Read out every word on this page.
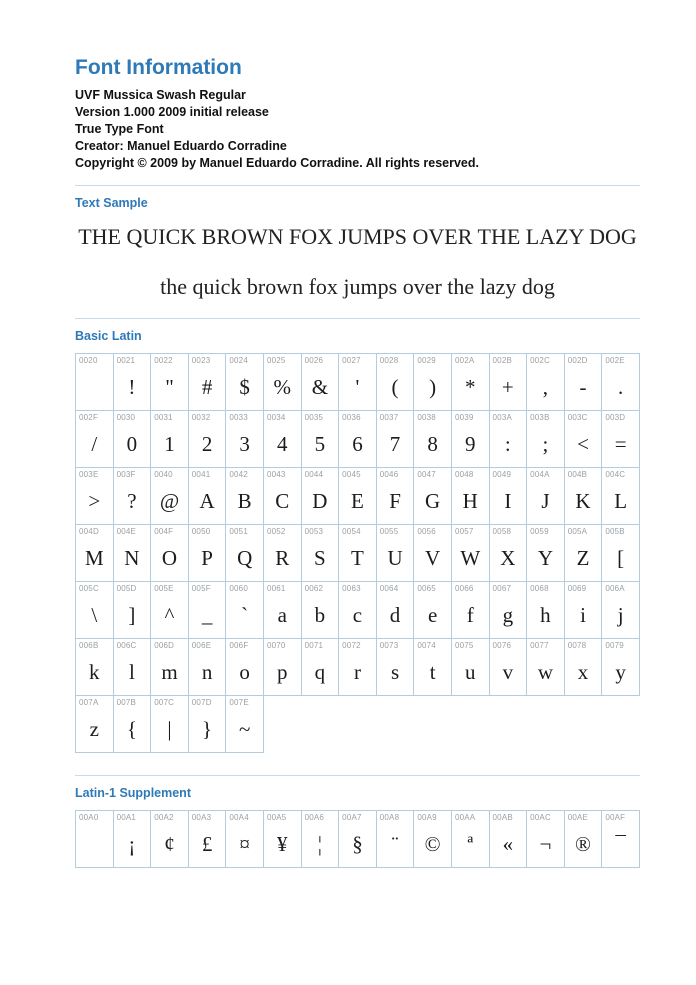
Font Information

UVF Mussica Swash Regular

Version 1.000 2009 initial release

True Type Font

Creator: Manuel Eduardo Corradine

Copyright © 2009 by Manuel Eduardo Corradine. All rights reserved.

Text Sample
THE QUICK BROWN FOX JUMPS OVER THE LAZY DOG
the quick brown fox jumps over the lazy dog
Basic Latin
0020 0021
!
0022
"
0023
#
0024
$
0025
%
0026
&
0027
'
0028
(
0029
)
002A
*
002B
+
002C
,
002D
-
002E
.
002F
/
0030
0
0031
1
0032
2
0033
3
0034
4
0035
5
0036
6
0037
7
0038
8
0039
9
003A
:
003B
;
003C
<
003D
=
003E
>
003F
?
0040
@
0041
A
0042
B
0043
C
0044
D
0045
E
0046
F
0047
G
0048
H
0049
I
004A
J
004B
K
004C
L
004D
M
004E
N
004F
O
0050
P
0051
Q
0052
R
0053
S
0054
T
0055
U
0056
V
0057
W
0058
X
0059
Y
005A
Z
005B
[
005C
\
005D
]
005E
^
005F
_
0060
`
0061
a
0062
b
0063
c
0064
d
0065
e
0066
f
0067
g
0068
h
0069
i
006A
j
006B
k
006C
l
006D
m
006E
n
006F
o
0070
p
0071
q
0072
r
0073
s
0074
t
0075
u
0076
v
0077
w
0078
x
0079
y
007A
z
007B
{
007C
|
007D
}
007E
~
Latin-1 Supplement
00A0 00A1
¡
00A2
¢
00A3
£
00A4
¤
00A5
¥
00A6
¦
00A7
§
00A8
¨
00A9
©
00AA
ª
00AB
«
00AC
¬
00AE
®
00AF
¯
